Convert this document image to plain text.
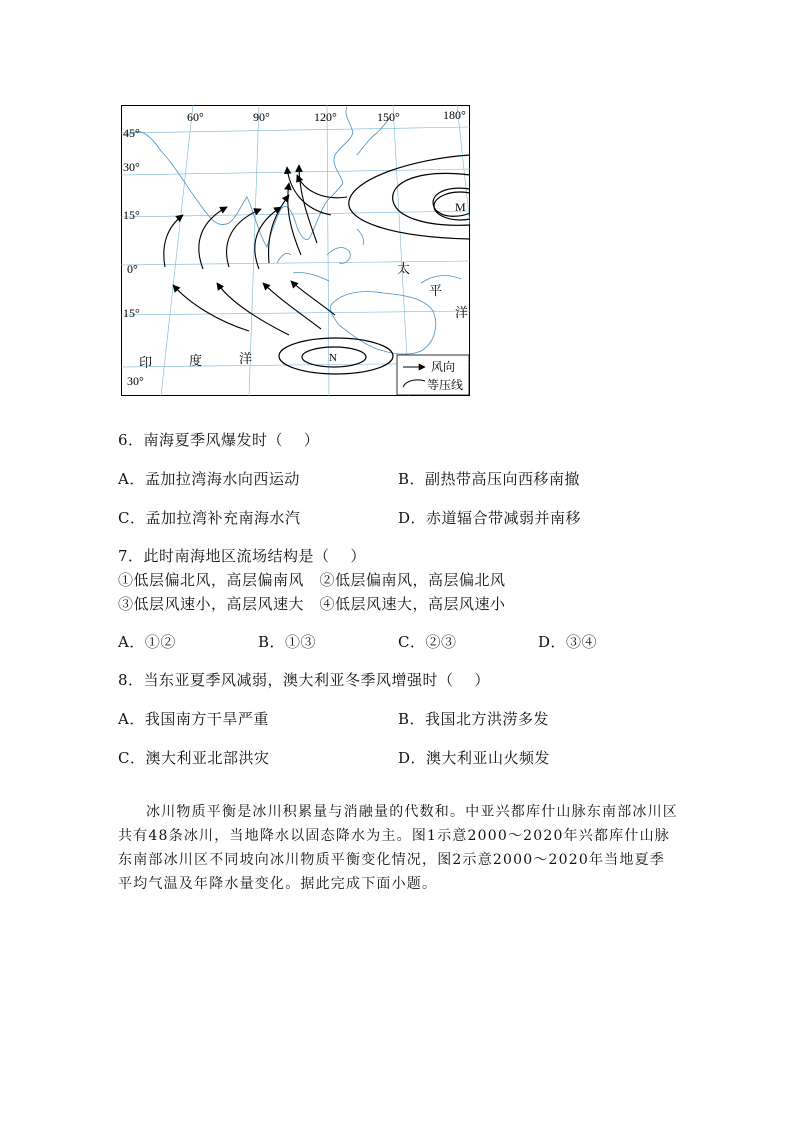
60°	90°	120°	150°	180°
45°
30°
15°
0°
15°
30°
M
N
太
平
洋
印	度	洋
风向
等压线
6．南海夏季风爆发时（　 ）
A．孟加拉湾海水向西运动	B．副热带高压向西移南撤
C．孟加拉湾补充南海水汽	D．赤道辐合带减弱并南移
7．此时南海地区流场结构是（　 ）
①低层偏北风，高层偏南风　②低层偏南风，高层偏北风
③低层风速小，高层风速大　④低层风速大，高层风速小
A．①②	B．①③	C．②③	D．③④
8．当东亚夏季风减弱，澳大利亚冬季风增强时（　 ）
A．我国南方干旱严重	B．我国北方洪涝多发
C．澳大利亚北部洪灾	D．澳大利亚山火频发
冰川物质平衡是冰川积累量与消融量的代数和。中亚兴都库什山脉东南部冰川区共有48条冰川，当地降水以固态降水为主。图1示意2000～2020年兴都库什山脉东南部冰川区不同坡向冰川物质平衡变化情况，图2示意2000～2020年当地夏季平均气温及年降水量变化。据此完成下面小题。
